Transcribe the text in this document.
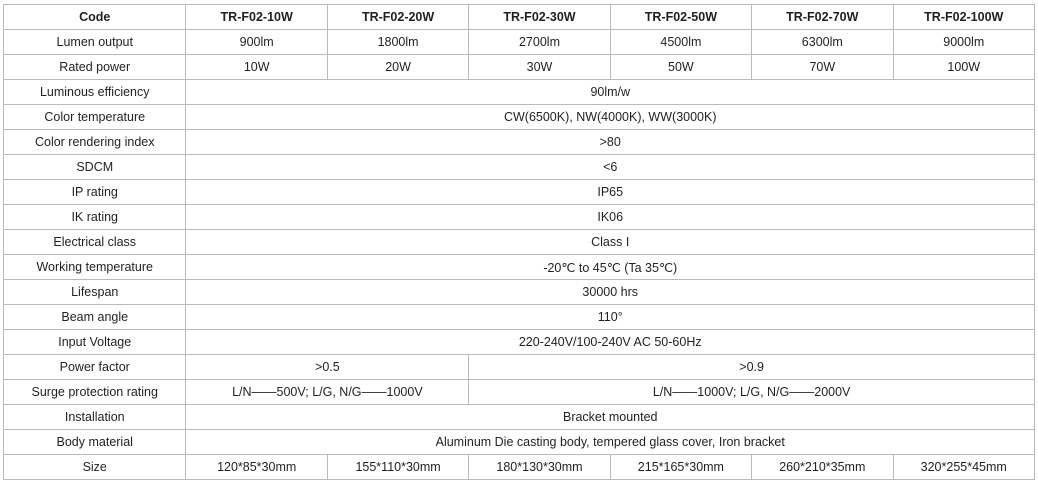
Code	TR-F02-10W	TR-F02-20W	TR-F02-30W	TR-F02-50W	TR-F02-70W	TR-F02-100W
Lumen output	900lm	1800lm	2700lm	4500lm	6300lm	9000lm
Rated power	10W	20W	30W	50W	70W	100W
Luminous efficiency	90lm/w					
Color temperature	CW(6500K), NW(4000K), WW(3000K)					
Color rendering index	>80					
SDCM	<6					
IP rating	IP65					
IK rating	IK06					
Electrical class	Class I					
Working temperature	-20℃ to 45℃ (Ta 35℃)					
Lifespan	30000 hrs					
Beam angle	110°					
Input Voltage	220-240V/100-240V AC 50-60Hz					
Power factor	>0.5		>0.9			
Surge protection rating	L/N——500V; L/G, N/G——1000V		L/N——1000V; L/G, N/G——2000V			
Installation	Bracket mounted					
Body material	Aluminum Die casting body, tempered glass cover, Iron bracket					
Size	120*85*30mm	155*110*30mm	180*130*30mm	215*165*30mm	260*210*35mm	320*255*45mm
